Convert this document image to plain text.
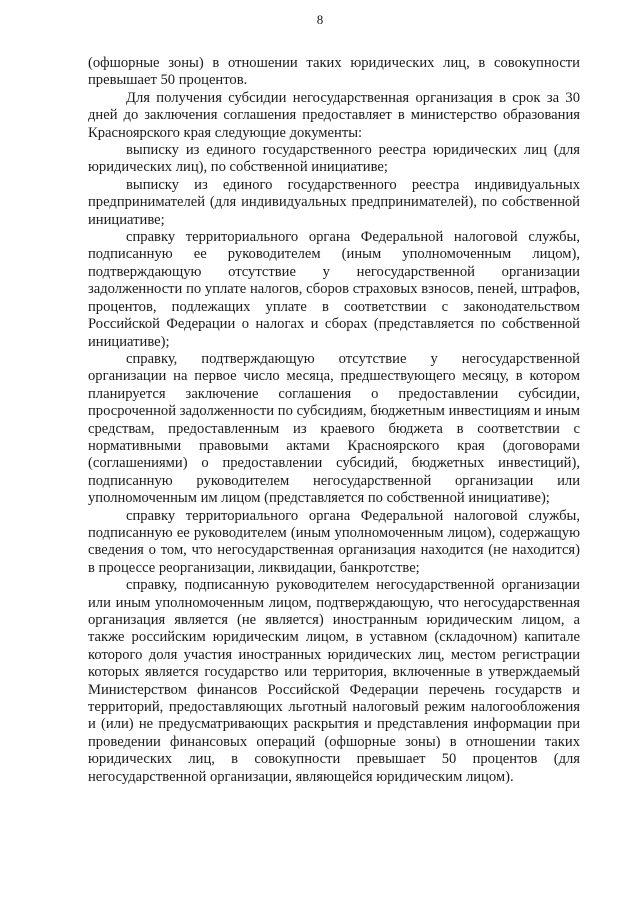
8

(офшорные зоны) в отношении таких юридических лиц, в совокупности превышает 50 процентов.

Для получения субсидии негосударственная организация в срок за 30 дней до заключения соглашения предоставляет в министерство образования Красноярского края следующие документы:

выписку из единого государственного реестра юридических лиц (для юридических лиц), по собственной инициативе;

выписку из единого государственного реестра индивидуальных предпринимателей (для индивидуальных предпринимателей), по собственной инициативе;

справку территориального органа Федеральной налоговой службы, подписанную ее руководителем (иным уполномоченным лицом), подтверждающую отсутствие у негосударственной организации задолженности по уплате налогов, сборов страховых взносов, пеней, штрафов, процентов, подлежащих уплате в соответствии с законодательством Российской Федерации о налогах и сборах (представляется по собственной инициативе);

справку, подтверждающую отсутствие у негосударственной организации на первое число месяца, предшествующего месяцу, в котором планируется заключение соглашения о предоставлении субсидии, просроченной задолженности по субсидиям, бюджетным инвестициям и иным средствам, предоставленным из краевого бюджета в соответствии с нормативными правовыми актами Красноярского края (договорами (соглашениями) о предоставлении субсидий, бюджетных инвестиций), подписанную руководителем негосударственной организации или уполномоченным им лицом (представляется по собственной инициативе);

справку территориального органа Федеральной налоговой службы, подписанную ее руководителем (иным уполномоченным лицом), содержащую сведения о том, что негосударственная организация находится (не находится) в процессе реорганизации, ликвидации, банкротстве;

справку, подписанную руководителем негосударственной организации или иным уполномоченным лицом, подтверждающую, что негосударственная организация является (не является) иностранным юридическим лицом, а также российским юридическим лицом, в уставном (складочном) капитале которого доля участия иностранных юридических лиц, местом регистрации которых является государство или территория, включенные в утверждаемый Министерством финансов Российской Федерации перечень государств и территорий, предоставляющих льготный налоговый режим налогообложения и (или) не предусматривающих раскрытия и представления информации при проведении финансовых операций (офшорные зоны) в отношении таких юридических лиц, в совокупности превышает 50 процентов (для негосударственной организации, являющейся юридическим лицом).
